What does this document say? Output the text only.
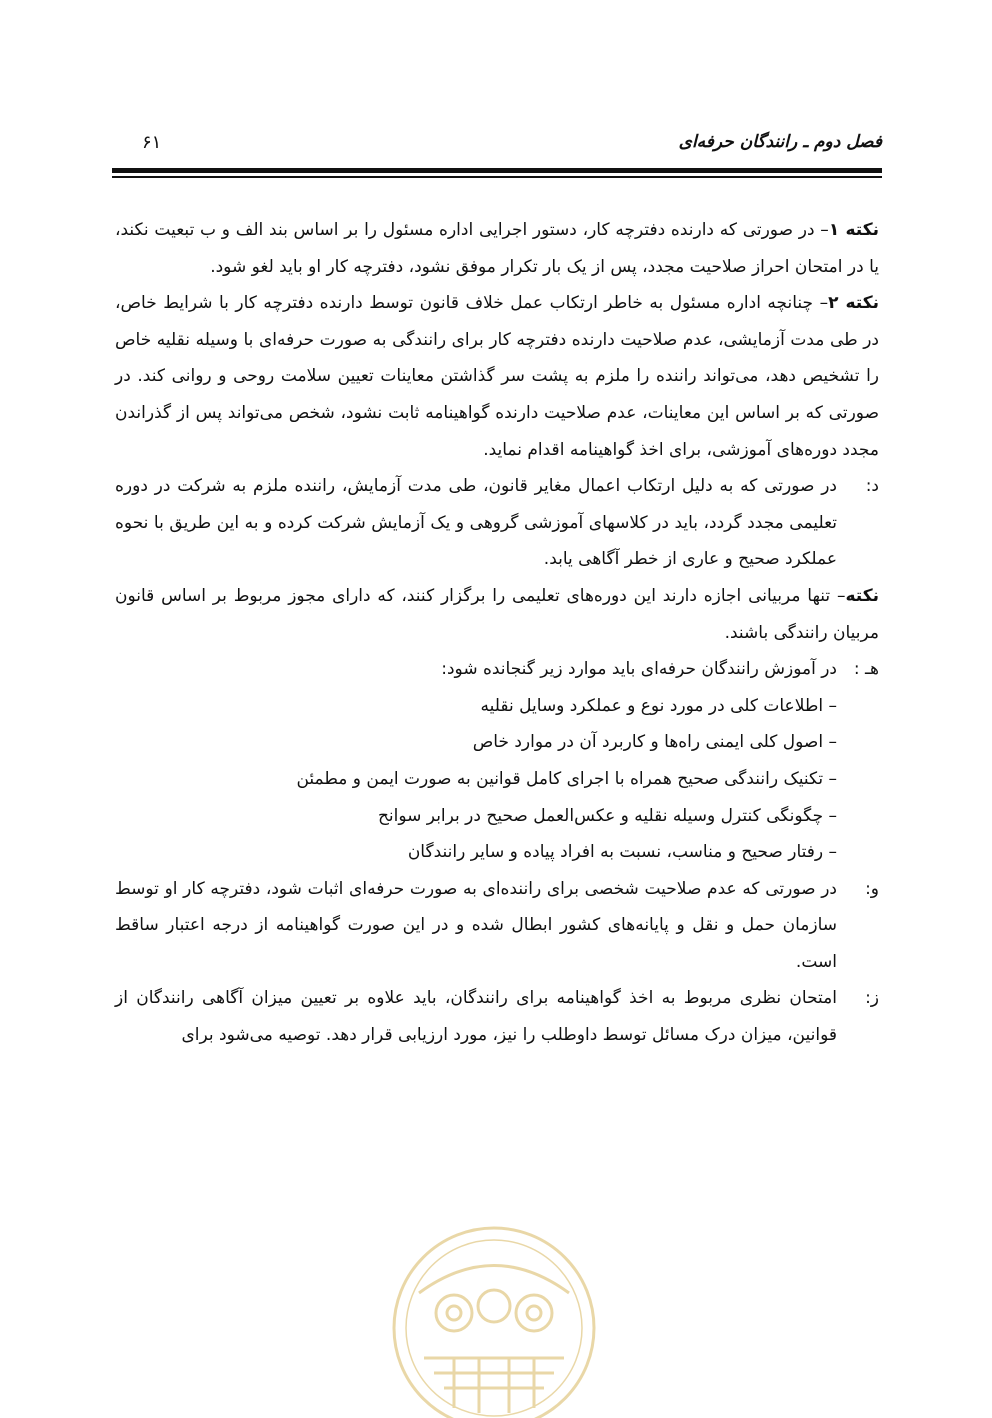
فصل دوم ـ رانندگان حرفه‌ای
۶۱

نکته ۱– در صورتی که دارنده دفترچه کار، دستور اجرایی اداره مسئول را بر اساس بند الف و ب تبعیت نکند، یا در امتحان احراز صلاحیت مجدد، پس از یک بار تکرار موفق نشود، دفترچه کار او باید لغو شود.

نکته ۲– چنانچه اداره مسئول به خاطر ارتکاب عمل خلاف قانون توسط دارنده دفترچه کار با شرایط خاص، در طی مدت آزمایشی، عدم صلاحیت دارنده دفترچه کار برای رانندگی به صورت حرفه‌ای با وسیله نقلیه خاص را تشخیص دهد، می‌تواند راننده را ملزم به پشت سر گذاشتن معاینات تعیین سلامت روحی و روانی کند. در صورتی که بر اساس این معاینات، عدم صلاحیت دارنده گواهینامه ثابت نشود، شخص می‌تواند پس از گذراندن مجدد دوره‌های آموزشی، برای اخذ گواهینامه اقدام نماید.

د:
در صورتی که به دلیل ارتکاب اعمال مغایر قانون، طی مدت آزمایش، راننده ملزم به شرکت در دوره تعلیمی مجدد گردد، باید در کلاسهای آموزشی گروهی و یک آزمایش شرکت کرده و به این طریق با نحوه عملکرد صحیح و عاری از خطر آگاهی یابد.

نکته– تنها مربیانی اجازه دارند این دوره‌های تعلیمی را برگزار کنند، که دارای مجوز مربوط بر اساس قانون مربیان رانندگی باشند.

هـ :
در آموزش رانندگان حرفه‌ای باید موارد زیر گنجانده شود:

– اطلاعات کلی در مورد نوع و عملکرد وسایل نقلیه
– اصول کلی ایمنی راه‌ها و کاربرد آن در موارد خاص
– تکنیک رانندگی صحیح همراه با اجرای کامل قوانین به صورت ایمن و مطمئن
– چگونگی کنترل وسیله نقلیه و عکس‌العمل صحیح در برابر سوانح
– رفتار صحیح و مناسب، نسبت به افراد پیاده و سایر رانندگان

و:
در صورتی که عدم صلاحیت شخصی برای راننده‌ای به صورت حرفه‌ای اثبات شود، دفترچه کار او توسط سازمان حمل و نقل و پایانه‌های کشور ابطال شده و در این صورت گواهینامه از درجه اعتبار ساقط است.

ز:
امتحان نظری مربوط به اخذ گواهینامه برای رانندگان، باید علاوه بر تعیین میزان آگاهی رانندگان از قوانین، میزان درک مسائل توسط داوطلب را نیز، مورد ارزیابی قرار دهد. توصیه می‌شود برای
